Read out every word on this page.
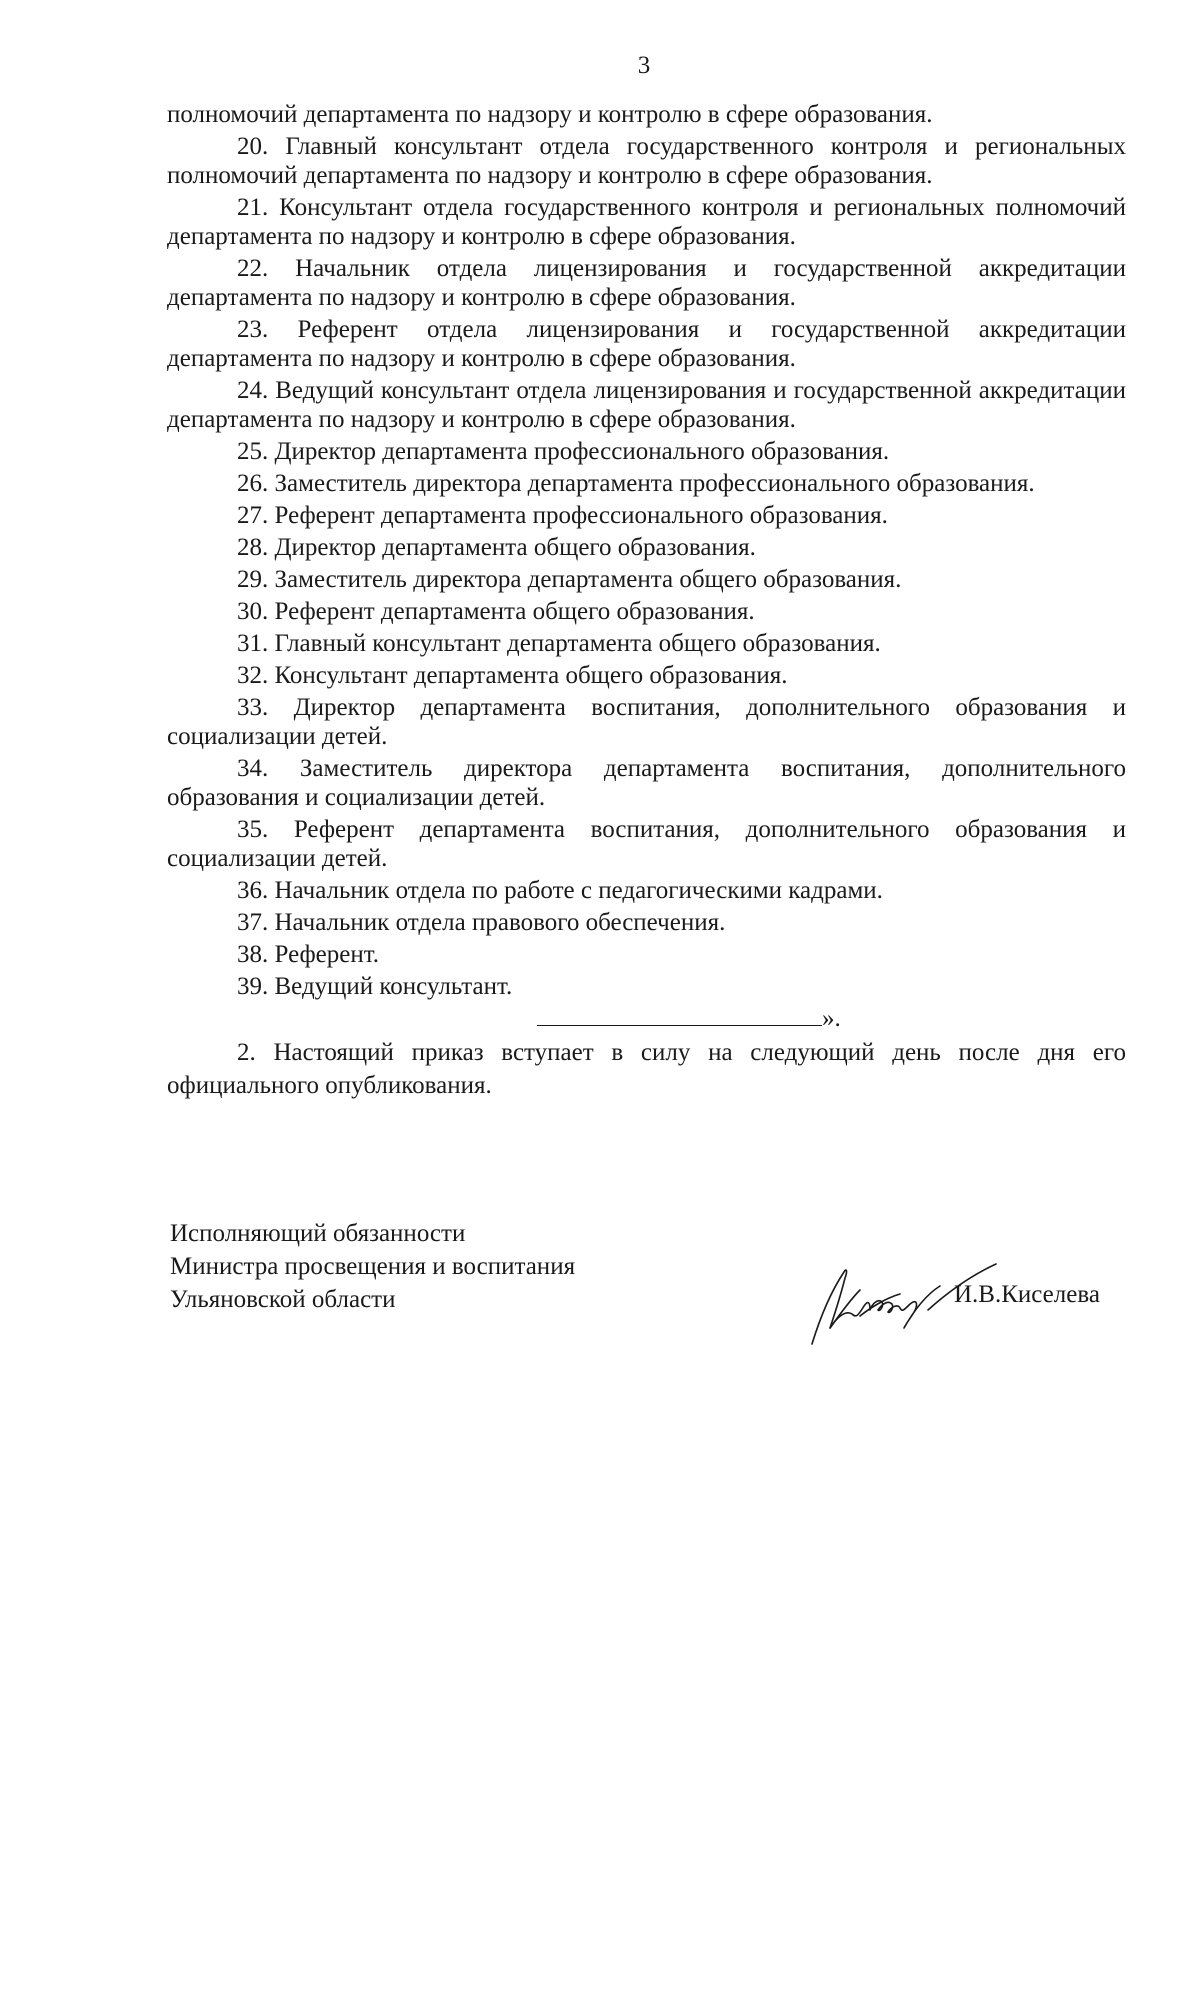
3
полномочий департамента по надзору и контролю в сфере образования.
20. Главный консультант отдела государственного контроля и региональных полномочий департамента по надзору и контролю в сфере образования.
21. Консультант отдела государственного контроля и региональных полномочий департамента по надзору и контролю в сфере образования.
22. Начальник отдела лицензирования и государственной аккредитации департамента по надзору и контролю в сфере образования.
23. Референт отдела лицензирования и государственной аккредитации департамента по надзору и контролю в сфере образования.
24. Ведущий консультант отдела лицензирования и государственной аккредитации департамента по надзору и контролю в сфере образования.
25. Директор департамента профессионального образования.
26. Заместитель директора департамента профессионального образования.
27. Референт департамента профессионального образования.
28. Директор департамента общего образования.
29. Заместитель директора департамента общего образования.
30. Референт департамента общего образования.
31. Главный консультант департамента общего образования.
32. Консультант департамента общего образования.
33. Директор департамента воспитания, дополнительного образования и социализации детей.
34. Заместитель директора департамента воспитания, дополнительного образования и социализации детей.
35. Референт департамента воспитания, дополнительного образования и социализации детей.
36. Начальник отдела по работе с педагогическими кадрами.
37. Начальник отдела правового обеспечения.
38. Референт.
39. Ведущий консультант.
».
2. Настоящий приказ вступает в силу на следующий день после дня его официального опубликования.
Исполняющий обязанности
Министра просвещения и воспитания
Ульяновской области	И.В.Киселева
